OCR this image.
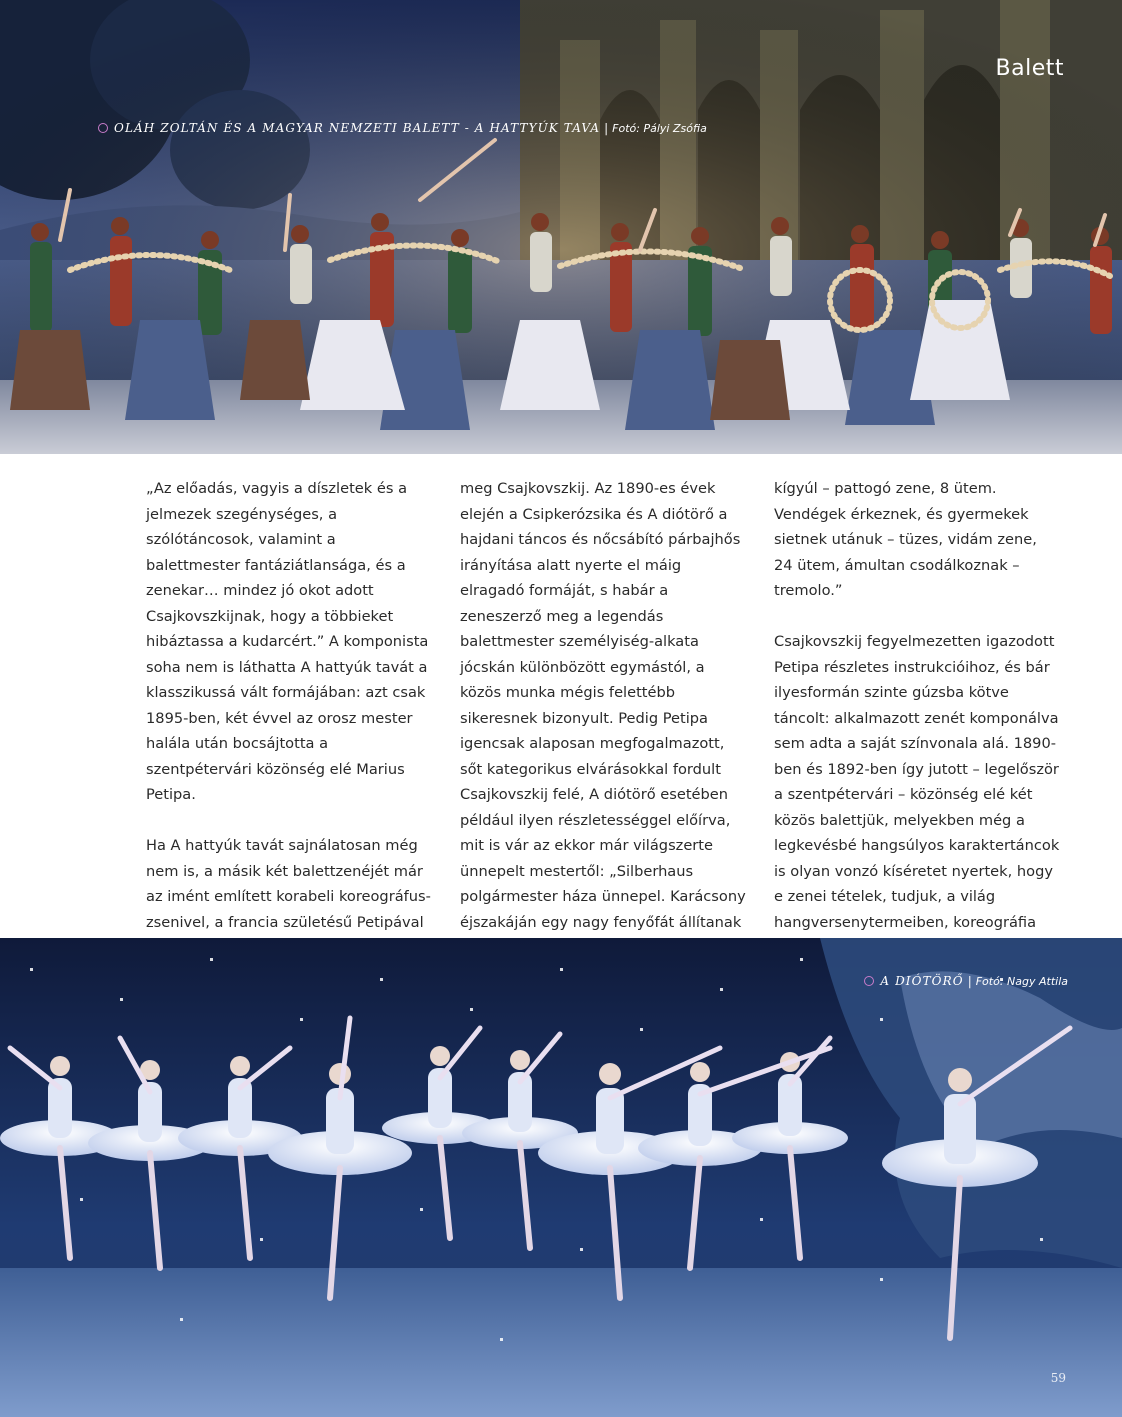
Balett
OLÁH ZOLTÁN ÉS A MAGYAR NEMZETI BALETT - A HATTYÚK TAVA | Fotó: Pályi Zsófia

„Az előadás, vagyis a díszletek és a jelmezek szegénységes, a szólótáncosok, valamint a balettmester fantáziátlansága, és a zenekar… mindez jó okot adott Csajkovszkijnak, hogy a többieket hibáztassa a kudarcért.” A komponista soha nem is láthatta A hattyúk tavát a klasszikussá vált formájában: azt csak 1895-ben, két évvel az orosz mester halála után bocsájtotta a szentpétervári közönség elé Marius Petipa.

Ha A hattyúk tavát sajnálatosan még nem is, a másik két balettzenéjét már az imént említett korabeli koreográfus-zsenivel, a francia születésű Petipával

meg Csajkovszkij. Az 1890-es évek elején a Csipkerózsika és A diótörő a hajdani táncos és nőcsábító párbajhős irányítása alatt nyerte el máig elragadó formáját, s habár a zeneszerző meg a legendás balettmester személyiség-alkata jócskán különbözött egymástól, a közös munka mégis felettébb sikeresnek bizonyult. Pedig Petipa igencsak alaposan megfogalmazott, sőt kategorikus elvárásokkal fordult Csajkovszkij felé, A diótörő esetében például ilyen részletességgel előírva, mit is vár az ekkor már világszerte ünnepelt mestertől: „Silberhaus polgármester háza ünnepel. Karácsony éjszakáján egy nagy fenyőfát állítanak

kígyúl – pattogó zene, 8 ütem. Vendégek érkeznek, és gyermekek sietnek utánuk – tüzes, vidám zene, 24 ütem, ámultan csodálkoznak – tremolo.”

Csajkovszkij fegyelmezetten igazodott Petipa részletes instrukcióihoz, és bár ilyesformán szinte gúzsba kötve táncolt: alkalmazott zenét komponálva sem adta a saját színvonala alá. 1890-ben és 1892-ben így jutott – legelőször a szentpétervári – közönség elé két közös balettjük, melyekben még a legkevésbé hangsúlyos karaktertáncok is olyan vonzó kíséretet nyertek, hogy e zenei tételek, tudjuk, a világ hangversenytermeiben, koreográfia

A DIÓTÖRŐ | Fotó: Nagy Attila
59
